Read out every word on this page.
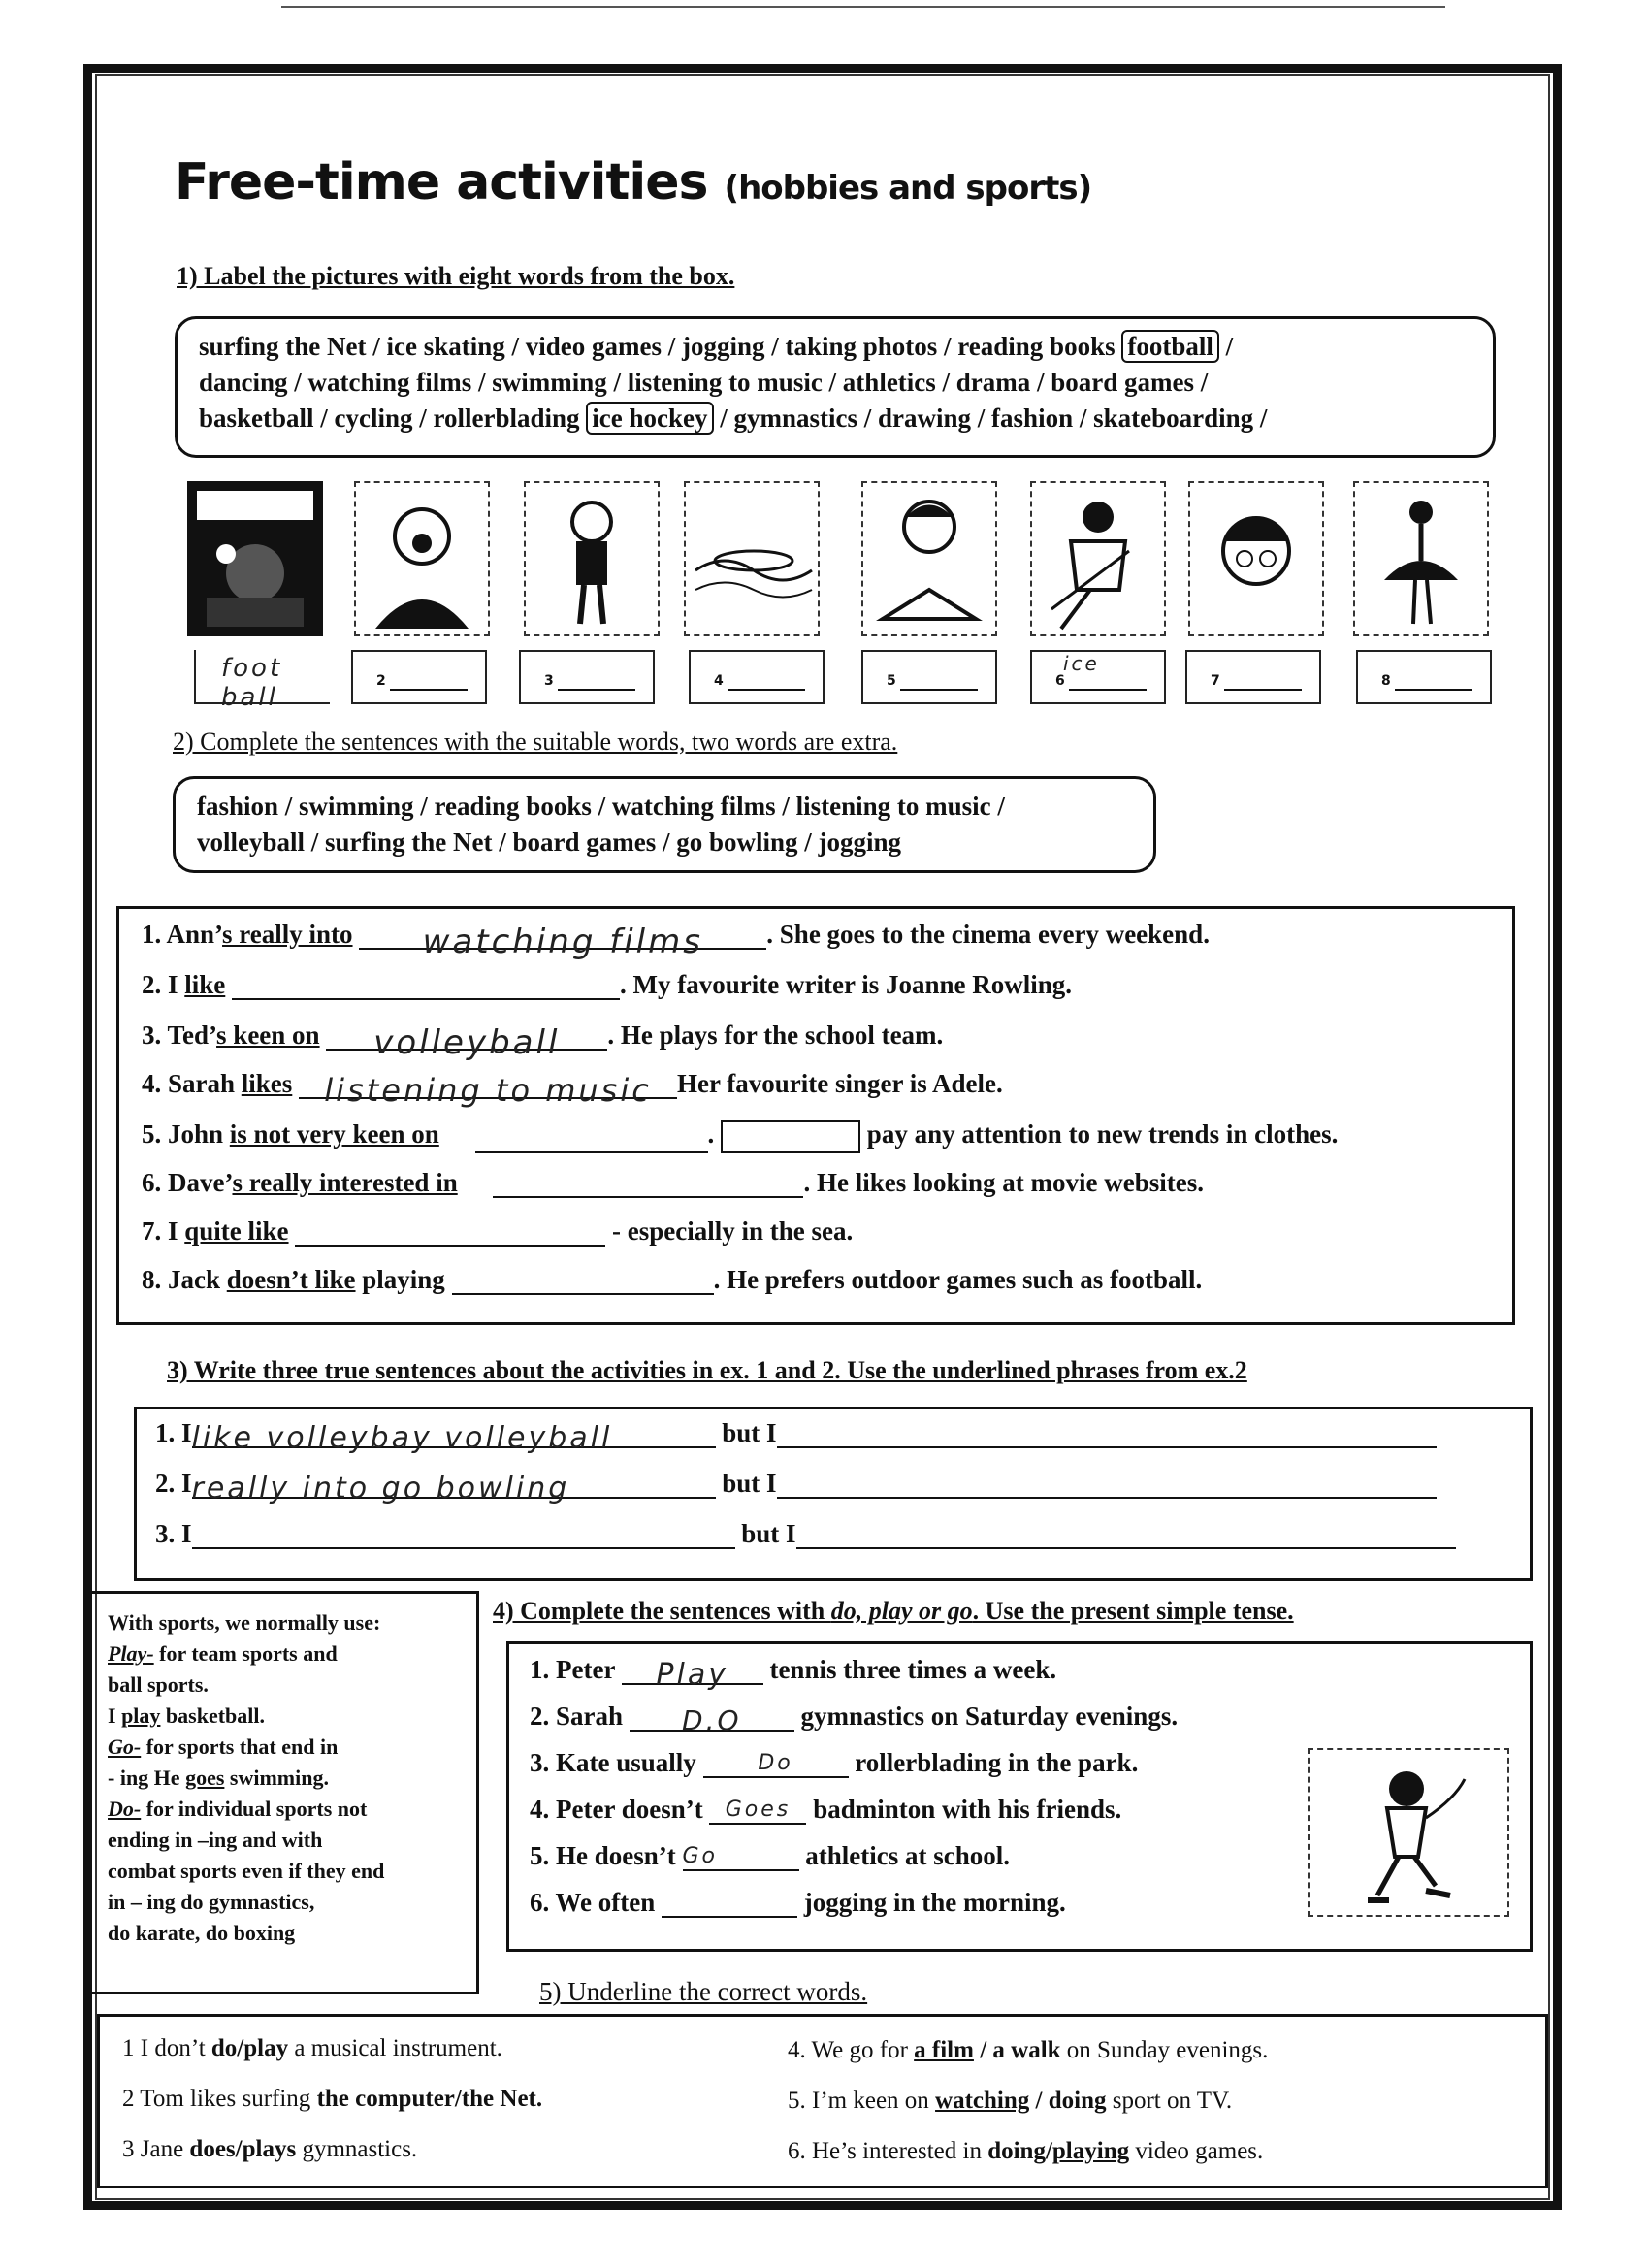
Free-time activities (hobbies and sports)
1) Label the pictures with eight words from the box.
surfing the Net / ice skating / video games / jogging / taking photos / reading books football /
dancing / watching films / swimming / listening to music / athletics / drama / board games /
basketball / cycling / rollerblading ice hockey / gymnastics / drawing / fashion / skateboarding /
foot ball
2	3	4	5	6
ice
7	8
2) Complete the sentences with the suitable words, two words are extra.
fashion / swimming / reading books / watching films / listening to music /
volleyball / surfing the Net / board games / go bowling / jogging
1. Ann’s really into watching films . She goes to the cinema every weekend.
2. I like	. My favourite writer is Joanne Rowling.
3. Ted’s keen on volleyball . He plays for the school team.
4. Sarah likes listening to music Her favourite singer is Adele.
5. John is not very keen on	.	pay any attention to new trends in clothes.
6. Dave’s really interested in	. He likes looking at movie websites.
7. I quite like	- especially in the sea.
8. Jack doesn’t like playing	. He prefers outdoor games such as football.
3) Write three true sentences about the activities in ex. 1 and 2. Use the underlined phrases from ex.2
1. Ilike volleybay volleyball	but I
2. Ireally into go bowling	but I
3. I	but I
With sports, we normally use:
Play- for team sports and
ball sports.
I play basketball.
Go- for sports that end in
- ing He goes swimming.
Do- for individual sports not
ending in –ing and with
combat sports even if they end
in – ing do gymnastics,
do karate, do boxing
4) Complete the sentences with do, play or go. Use the present simple tense.
1. Peter Play tennis three times a week.
2. Sarah D.O gymnastics on Saturday evenings.
3. Kate usually	Do rollerblading in the park.
4. Peter doesn’t Goes badminton with his friends.
5. He doesn’t Go	athletics at school.
6. We often	jogging in the morning.
5) Underline the correct words.
1 I don’t do/play a musical instrument.
2 Tom likes surfing the computer/the Net.
3 Jane does/plays gymnastics.
4. We go for a film / a walk on Sunday evenings.
5. I’m keen on watching / doing sport on TV.
6. He’s interested in doing/playing video games.
